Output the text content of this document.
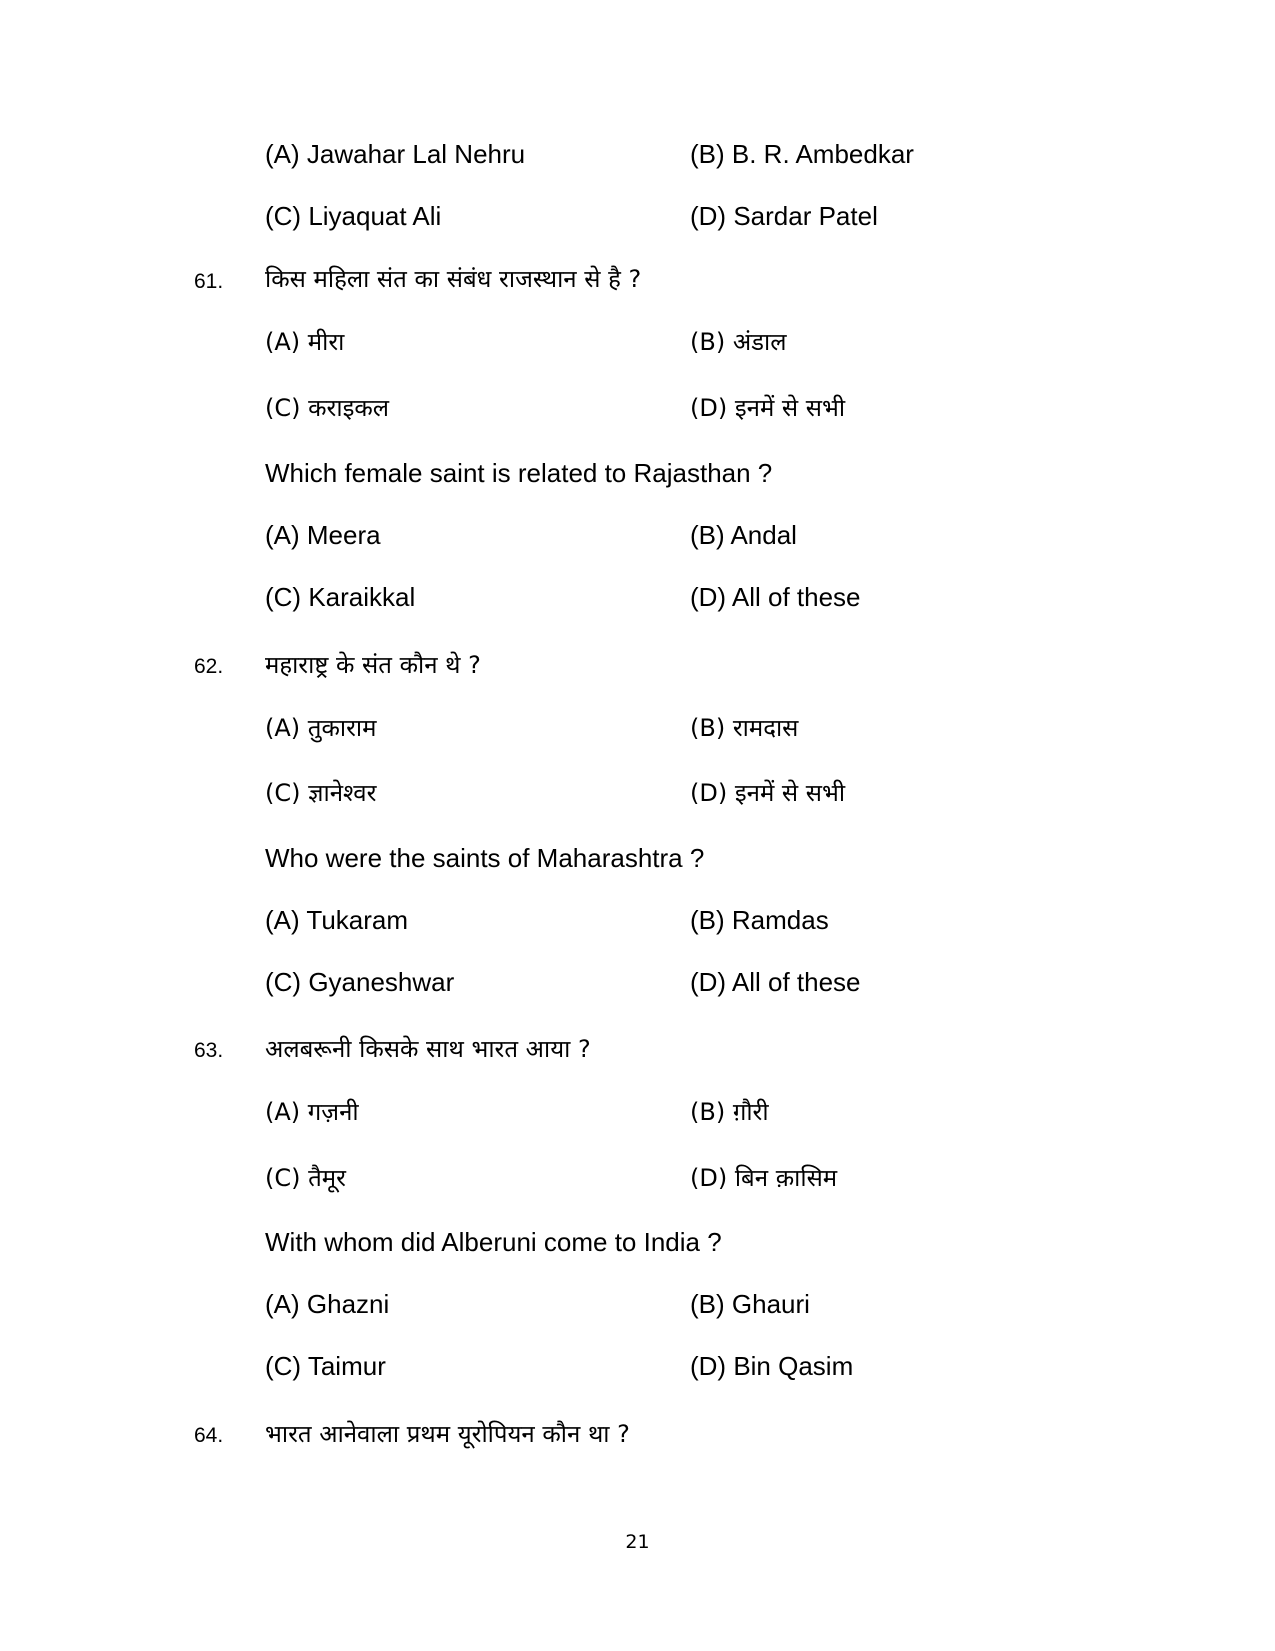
(A) Jawahar Lal Nehru	(B) B. R. Ambedkar
(C) Liyaquat Ali	(D) Sardar Patel
61. किस महिला संत का संबंध राजस्थान से है ?
(A) मीरा	(B) अंडाल
(C) कराइकल	(D) इनमें से सभी
Which female saint is related to Rajasthan ?
(A) Meera	(B) Andal
(C) Karaikkal	(D) All of these
62. महाराष्ट्र के संत कौन थे ?
(A) तुकाराम	(B) रामदास
(C) ज्ञानेश्वर	(D) इनमें से सभी
Who were the saints of Maharashtra ?
(A) Tukaram	(B) Ramdas
(C) Gyaneshwar	(D) All of these
63. अलबरूनी किसके साथ भारत आया ?
(A) गज़नी	(B) ग़ौरी
(C) तैमूर	(D) बिन क़ासिम
With whom did Alberuni come to India ?
(A) Ghazni	(B) Ghauri
(C) Taimur	(D) Bin Qasim
64. भारत आनेवाला प्रथम यूरोपियन कौन था ?
21
